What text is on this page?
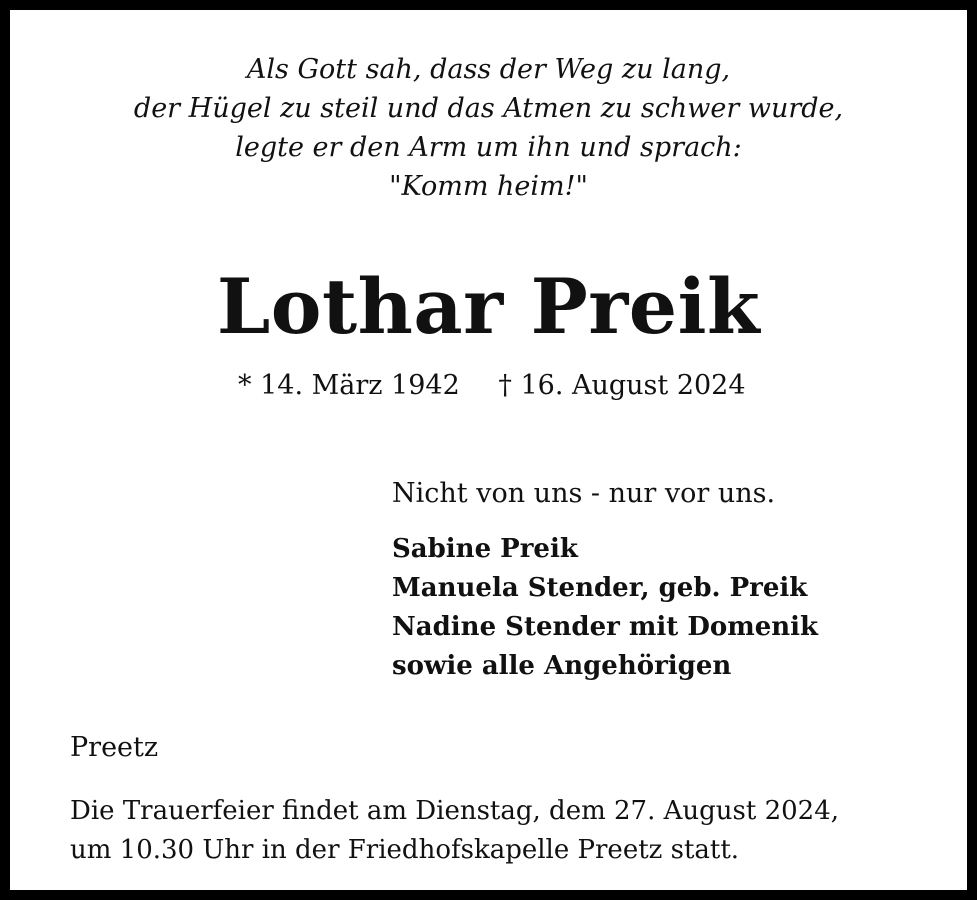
Als Gott sah, dass der Weg zu lang,
der Hügel zu steil und das Atmen zu schwer wurde,
legte er den Arm um ihn und sprach:
"Komm heim!"
Lothar Preik
* 14. März 1942 † 16. August 2024
Nicht von uns - nur vor uns.
Sabine Preik
Manuela Stender, geb. Preik
Nadine Stender mit Domenik
sowie alle Angehörigen
Preetz
Die Trauerfeier findet am Dienstag, dem 27. August 2024,
um 10.30 Uhr in der Friedhofskapelle Preetz statt.
